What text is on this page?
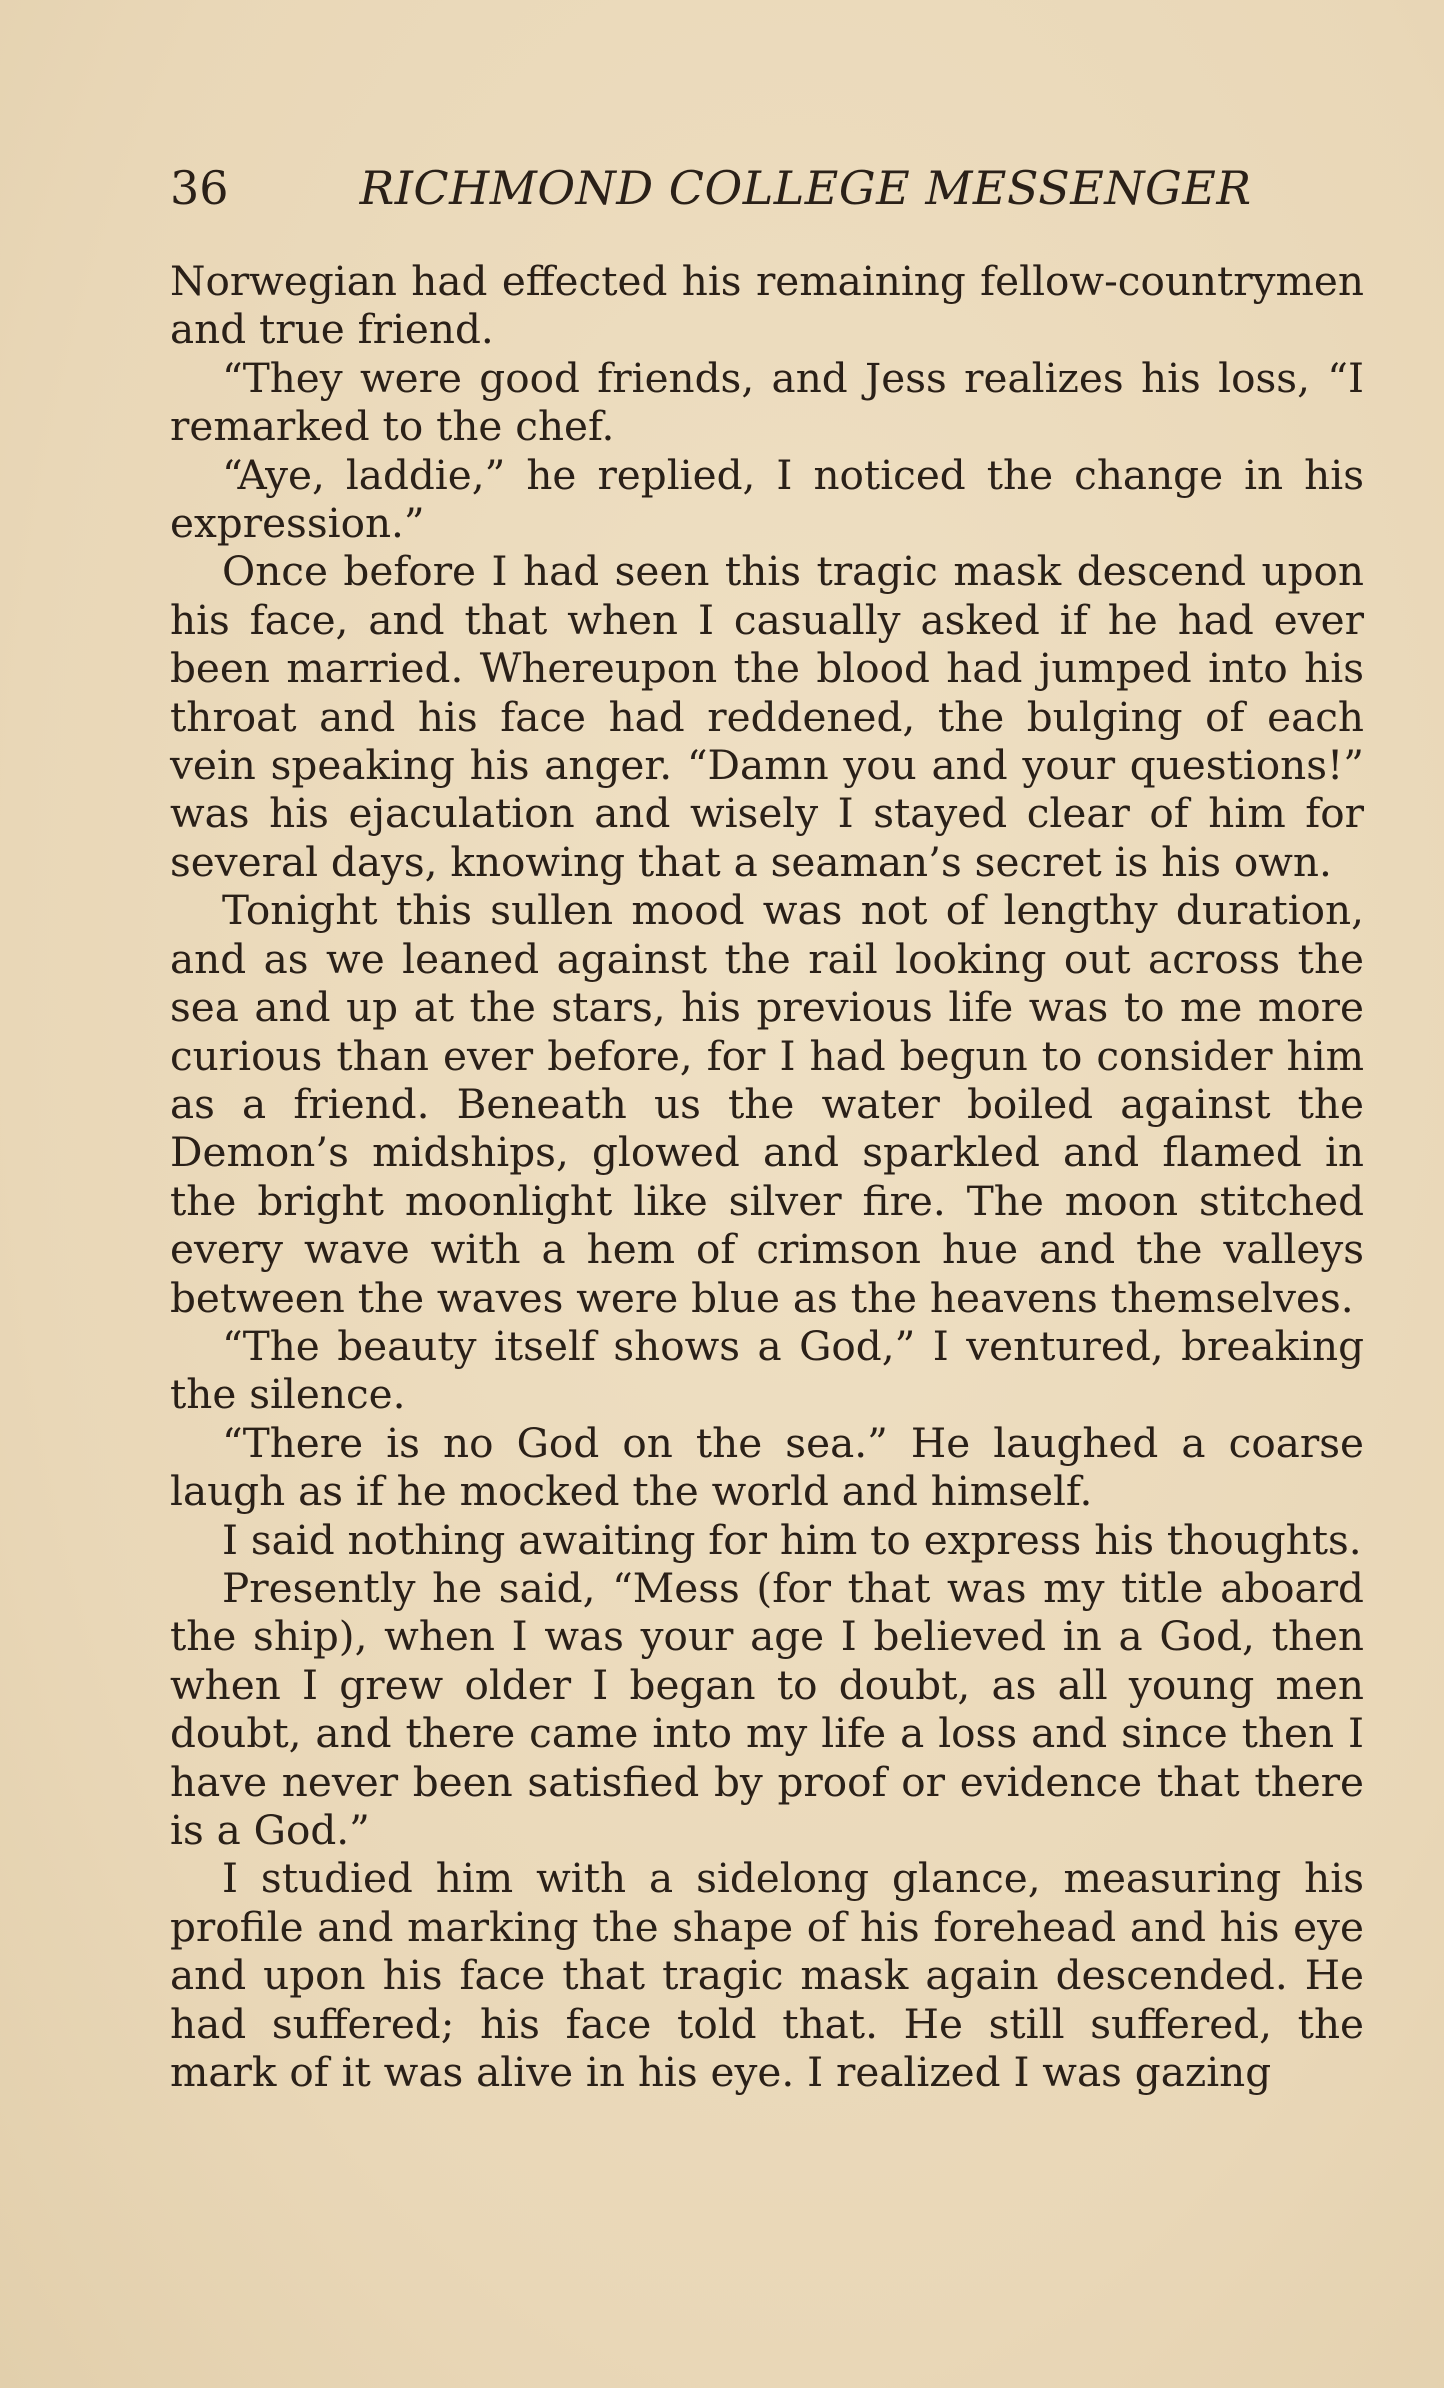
36	RICHMOND COLLEGE MESSENGER

Norwegian had effected his remaining fellow-countrymen and true friend.

“They were good friends, and Jess realizes his loss, “I remarked to the chef.

“Aye, laddie,” he replied, I noticed the change in his expression.”

Once before I had seen this tragic mask descend upon his face, and that when I casually asked if he had ever been married. Whereupon the blood had jumped into his throat and his face had reddened, the bulging of each vein speaking his anger. “Damn you and your questions!” was his ejaculation and wisely I stayed clear of him for several days, knowing that a seaman’s secret is his own.

Tonight this sullen mood was not of lengthy duration, and as we leaned against the rail looking out across the sea and up at the stars, his previous life was to me more curious than ever before, for I had begun to consider him as a friend. Beneath us the water boiled against the Demon’s midships, glowed and sparkled and flamed in the bright moonlight like silver fire. The moon stitched every wave with a hem of crimson hue and the valleys between the waves were blue as the heavens themselves.

“The beauty itself shows a God,” I ventured, breaking the silence.

“There is no God on the sea.” He laughed a coarse laugh as if he mocked the world and himself.

I said nothing awaiting for him to express his thoughts.

Presently he said, “Mess (for that was my title aboard the ship), when I was your age I believed in a God, then when I grew older I began to doubt, as all young men doubt, and there came into my life a loss and since then I have never been satisfied by proof or evidence that there is a God.”

I studied him with a sidelong glance, measuring his profile and marking the shape of his forehead and his eye and upon his face that tragic mask again descended. He had suffered; his face told that. He still suffered, the mark of it was alive in his eye. I realized I was gazing
